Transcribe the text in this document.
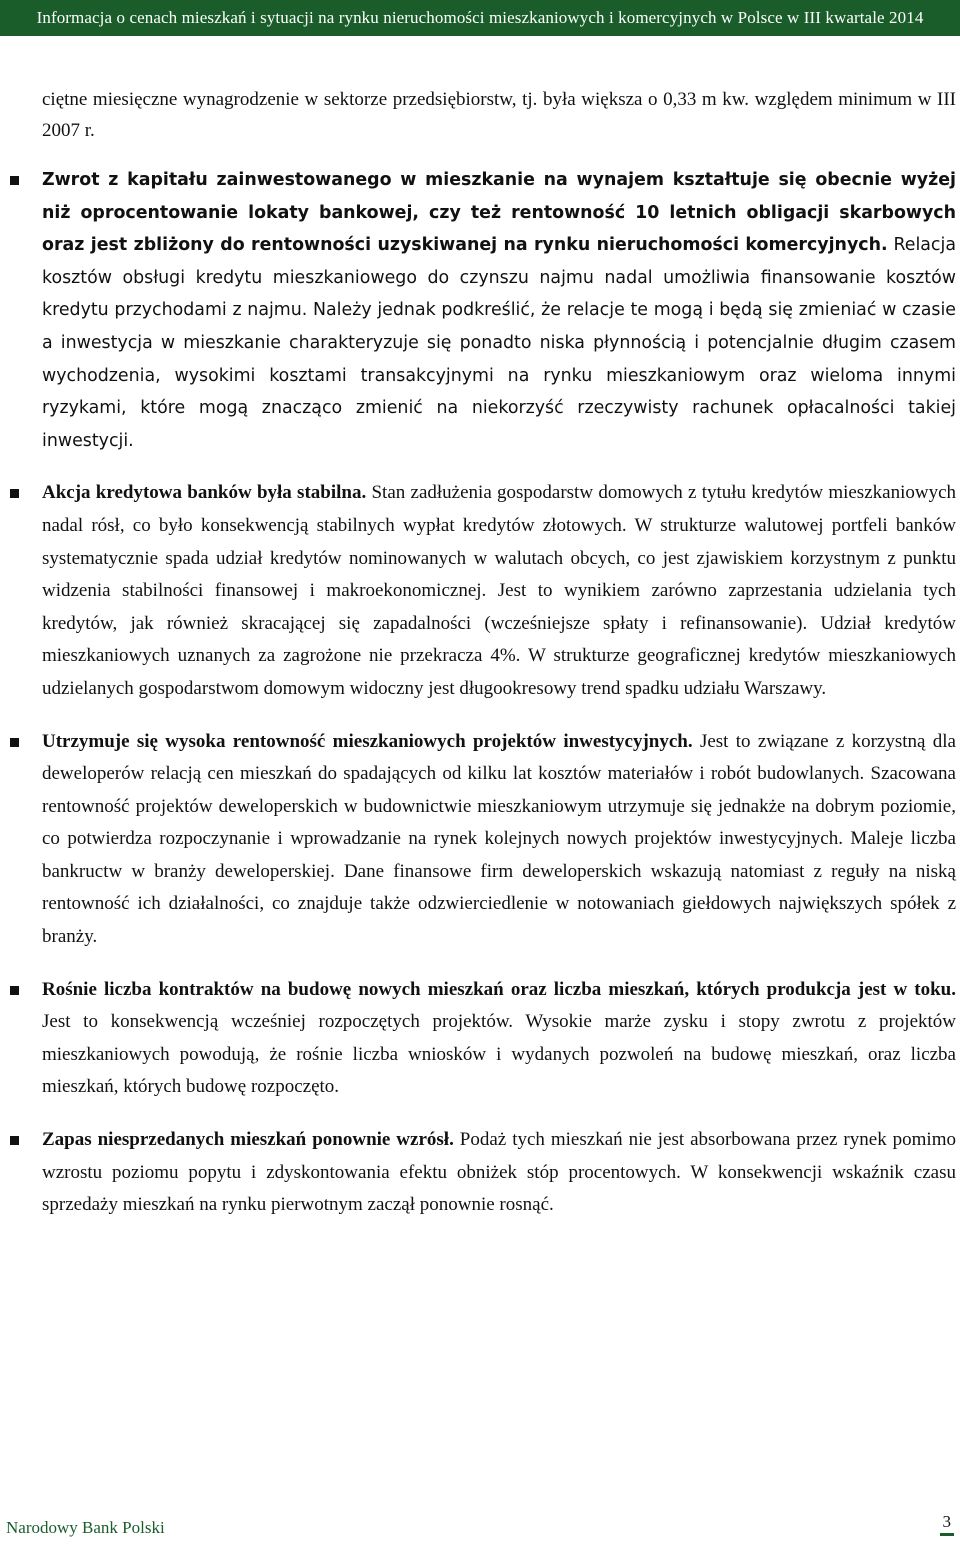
Informacja o cenach mieszkań i sytuacji na rynku nieruchomości mieszkaniowych i komercyjnych w Polsce w III kwartale 2014

ciętne miesięczne wynagrodzenie w sektorze przedsiębiorstw, tj. była większa o 0,33 m kw. względem minimum w III 2007 r.

Zwrot z kapitału zainwestowanego w mieszkanie na wynajem kształtuje się obecnie wyżej niż oprocentowanie lokaty bankowej, czy też rentowność 10 letnich obligacji skarbowych oraz jest zbliżony do rentowności uzyskiwanej na rynku nieruchomości komercyjnych. Relacja kosztów obsługi kredytu mieszkaniowego do czynszu najmu nadal umożliwia finansowanie kosztów kredytu przychodami z najmu. Należy jednak podkreślić, że relacje te mogą i będą się zmieniać w czasie a inwestycja w mieszkanie charakteryzuje się ponadto niska płynnością i potencjalnie długim czasem wychodzenia, wysokimi kosztami transakcyjnymi na rynku mieszkaniowym oraz wieloma innymi ryzykami, które mogą znacząco zmienić na niekorzyść rzeczywisty rachunek opłacalności takiej inwestycji.
Akcja kredytowa banków była stabilna. Stan zadłużenia gospodarstw domowych z tytułu kredytów mieszkaniowych nadal rósł, co było konsekwencją stabilnych wypłat kredytów złotowych. W strukturze walutowej portfeli banków systematycznie spada udział kredytów nominowanych w walutach obcych, co jest zjawiskiem korzystnym z punktu widzenia stabilności finansowej i makroekonomicznej. Jest to wynikiem zarówno zaprzestania udzielania tych kredytów, jak również skracającej się zapadalności (wcześniejsze spłaty i refinansowanie). Udział kredytów mieszkaniowych uznanych za zagrożone nie przekracza 4%. W strukturze geograficznej kredytów mieszkaniowych udzielanych gospodarstwom domowym widoczny jest długookresowy trend spadku udziału Warszawy.
Utrzymuje się wysoka rentowność mieszkaniowych projektów inwestycyjnych. Jest to związane z korzystną dla deweloperów relacją cen mieszkań do spadających od kilku lat kosztów materiałów i robót budowlanych. Szacowana rentowność projektów deweloperskich w budownictwie mieszkaniowym utrzymuje się jednakże na dobrym poziomie, co potwierdza rozpoczynanie i wprowadzanie na rynek kolejnych nowych projektów inwestycyjnych. Maleje liczba bankructw w branży deweloperskiej. Dane finansowe firm deweloperskich wskazują natomiast z reguły na niską rentowność ich działalności, co znajduje także odzwierciedlenie w notowaniach giełdowych największych spółek z branży.
Rośnie liczba kontraktów na budowę nowych mieszkań oraz liczba mieszkań, których produkcja jest w toku. Jest to konsekwencją wcześniej rozpoczętych projektów. Wysokie marże zysku i stopy zwrotu z projektów mieszkaniowych powodują, że rośnie liczba wniosków i wydanych pozwoleń na budowę mieszkań, oraz liczba mieszkań, których budowę rozpoczęto.
Zapas niesprzedanych mieszkań ponownie wzrósł. Podaż tych mieszkań nie jest absorbowana przez rynek pomimo wzrostu poziomu popytu i zdyskontowania efektu obniżek stóp procentowych. W konsekwencji wskaźnik czasu sprzedaży mieszkań na rynku pierwotnym zaczął ponownie rosnąć.
Narodowy Bank Polski	3
